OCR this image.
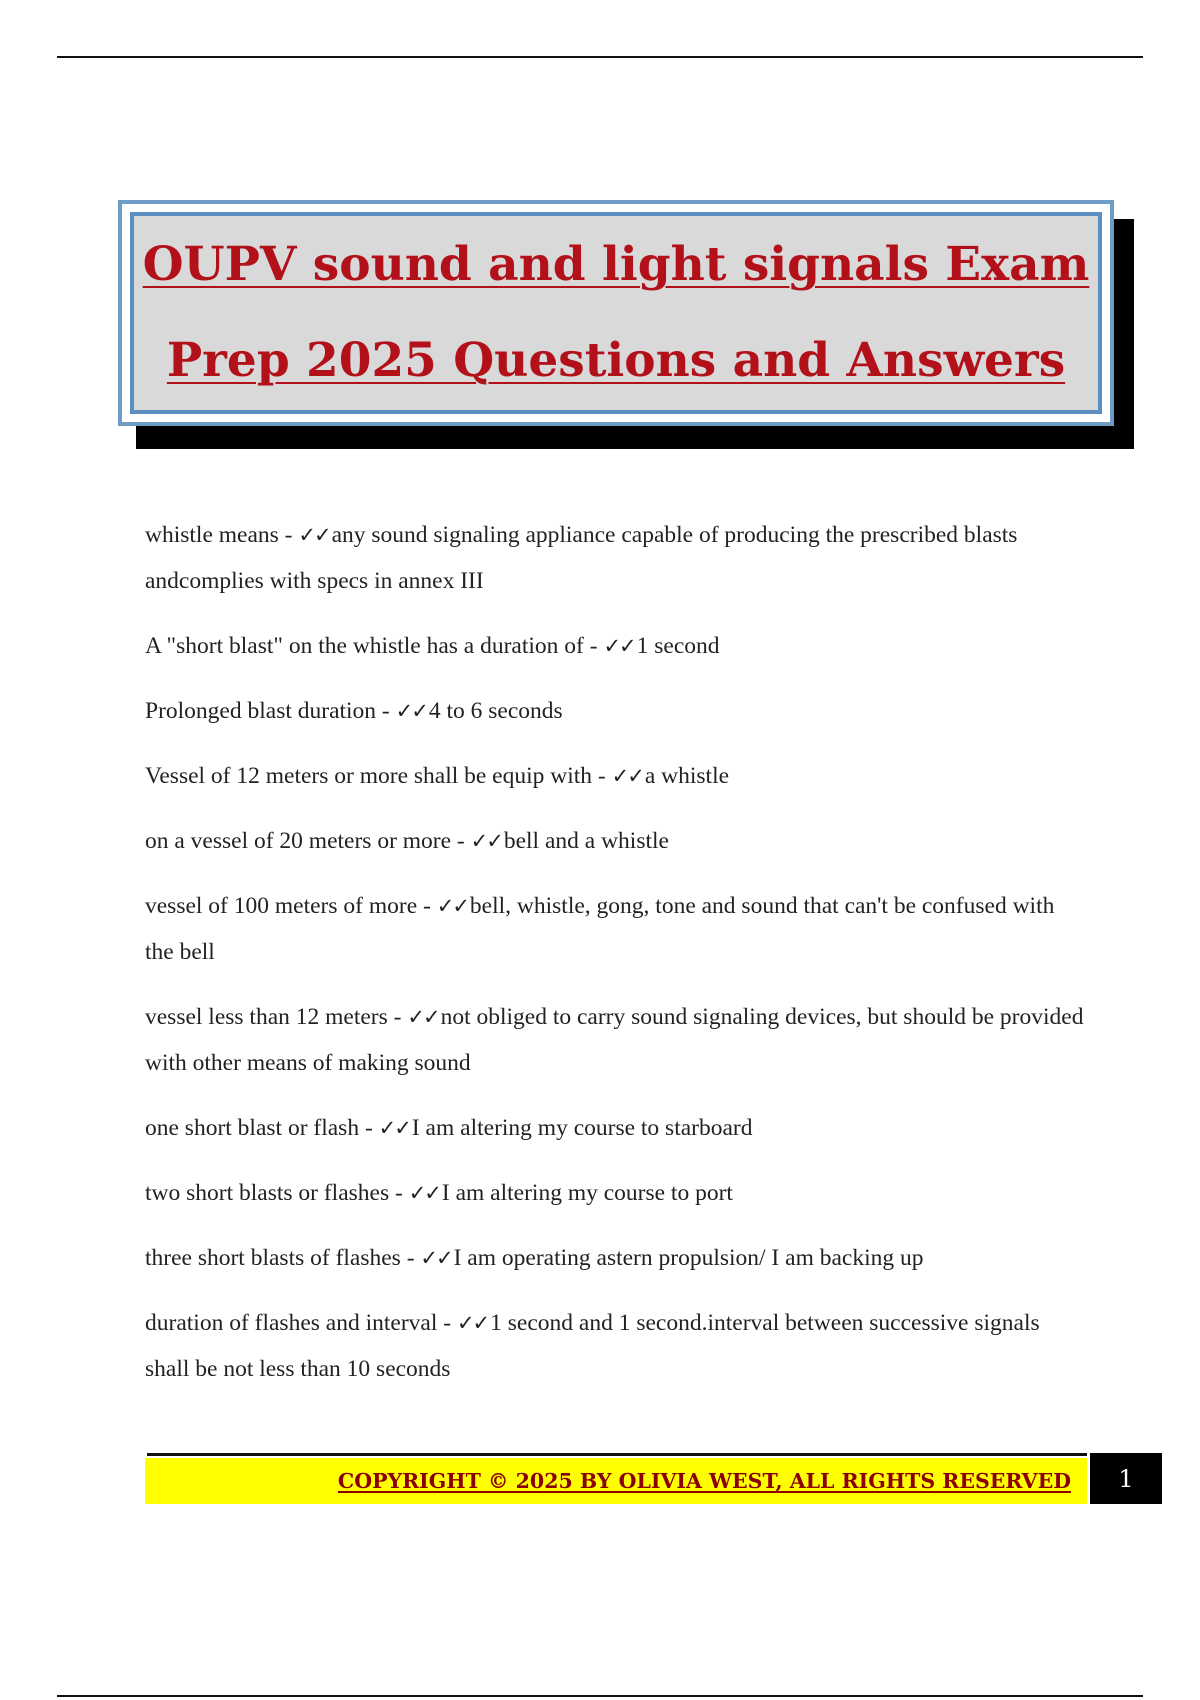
OUPV sound and light signals Exam
Prep 2025 Questions and Answers
whistle means - ✓✓any sound signaling appliance capable of producing the prescribed blasts andcomplies with specs in annex III
A "short blast" on the whistle has a duration of - ✓✓1 second
Prolonged blast duration - ✓✓4 to 6 seconds
Vessel of 12 meters or more shall be equip with - ✓✓a whistle
on a vessel of 20 meters or more - ✓✓bell and a whistle
vessel of 100 meters of more - ✓✓bell, whistle, gong, tone and sound that can't be confused with the bell
vessel less than 12 meters - ✓✓not obliged to carry sound signaling devices, but should be provided with other means of making sound
one short blast or flash - ✓✓I am altering my course to starboard
two short blasts or flashes - ✓✓I am altering my course to port
three short blasts of flashes - ✓✓I am operating astern propulsion/ I am backing up
duration of flashes and interval - ✓✓1 second and 1 second.interval between successive signals shall be not less than 10 seconds
COPYRIGHT © 2025 BY OLIVIA WEST, ALL RIGHTS RESERVED 1
